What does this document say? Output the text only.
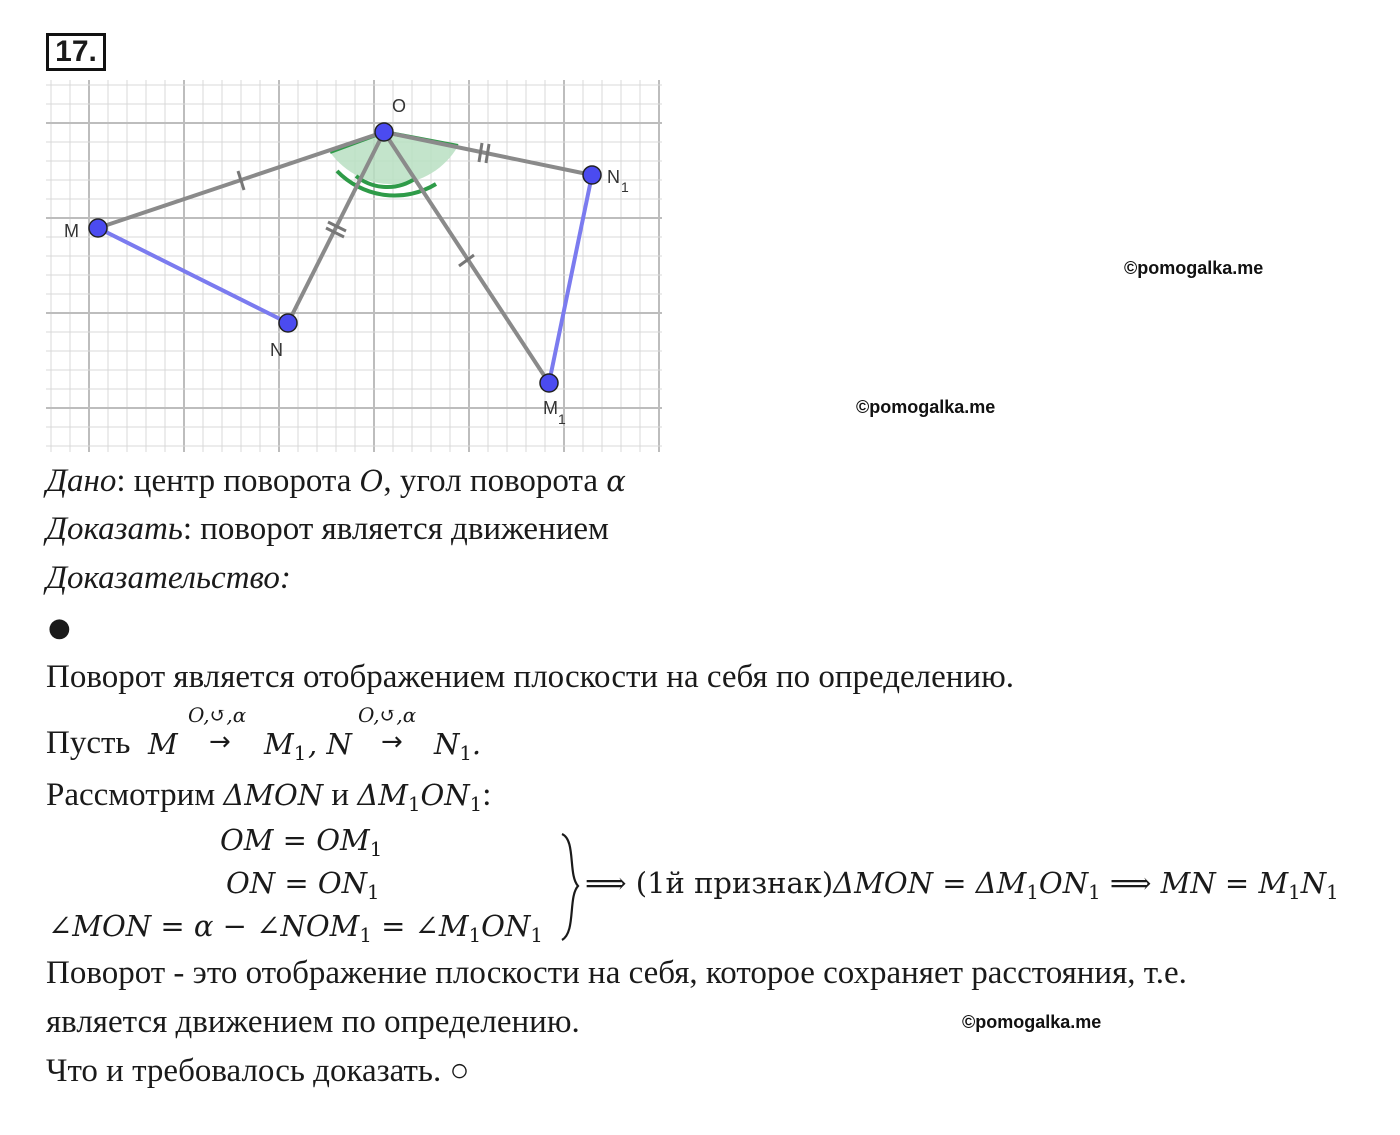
17.
O
M
N
N 1
M
1
©pomogalka.me
©pomogalka.me
Дано: центр поворота O, угол поворота α
Доказать: поворот является движением
Доказательство:
●
Поворот является отображением плоскости на себя по определению.
Пусть M
O,↺,α
→ $M_1$ , N
O,↺,α
→ $N_1$.
Рассмотрим ΔMON и $\Delta M_1ON_1$:
OM = $OM_1$
ON = $ON_1$
∠MON = $\alpha - \angle NOM_1$ = $\angle M_1ON_1$
⟹ (1й признак)ΔMON = $\Delta M_1ON_1$ ⟹ MN = $M_1N_1$
Поворот - это отображение плоскости на себя, которое сохраняет расстояния, т.е.
является движением по определению.	©pomogalka.me
Что и требовалось доказать. ○
